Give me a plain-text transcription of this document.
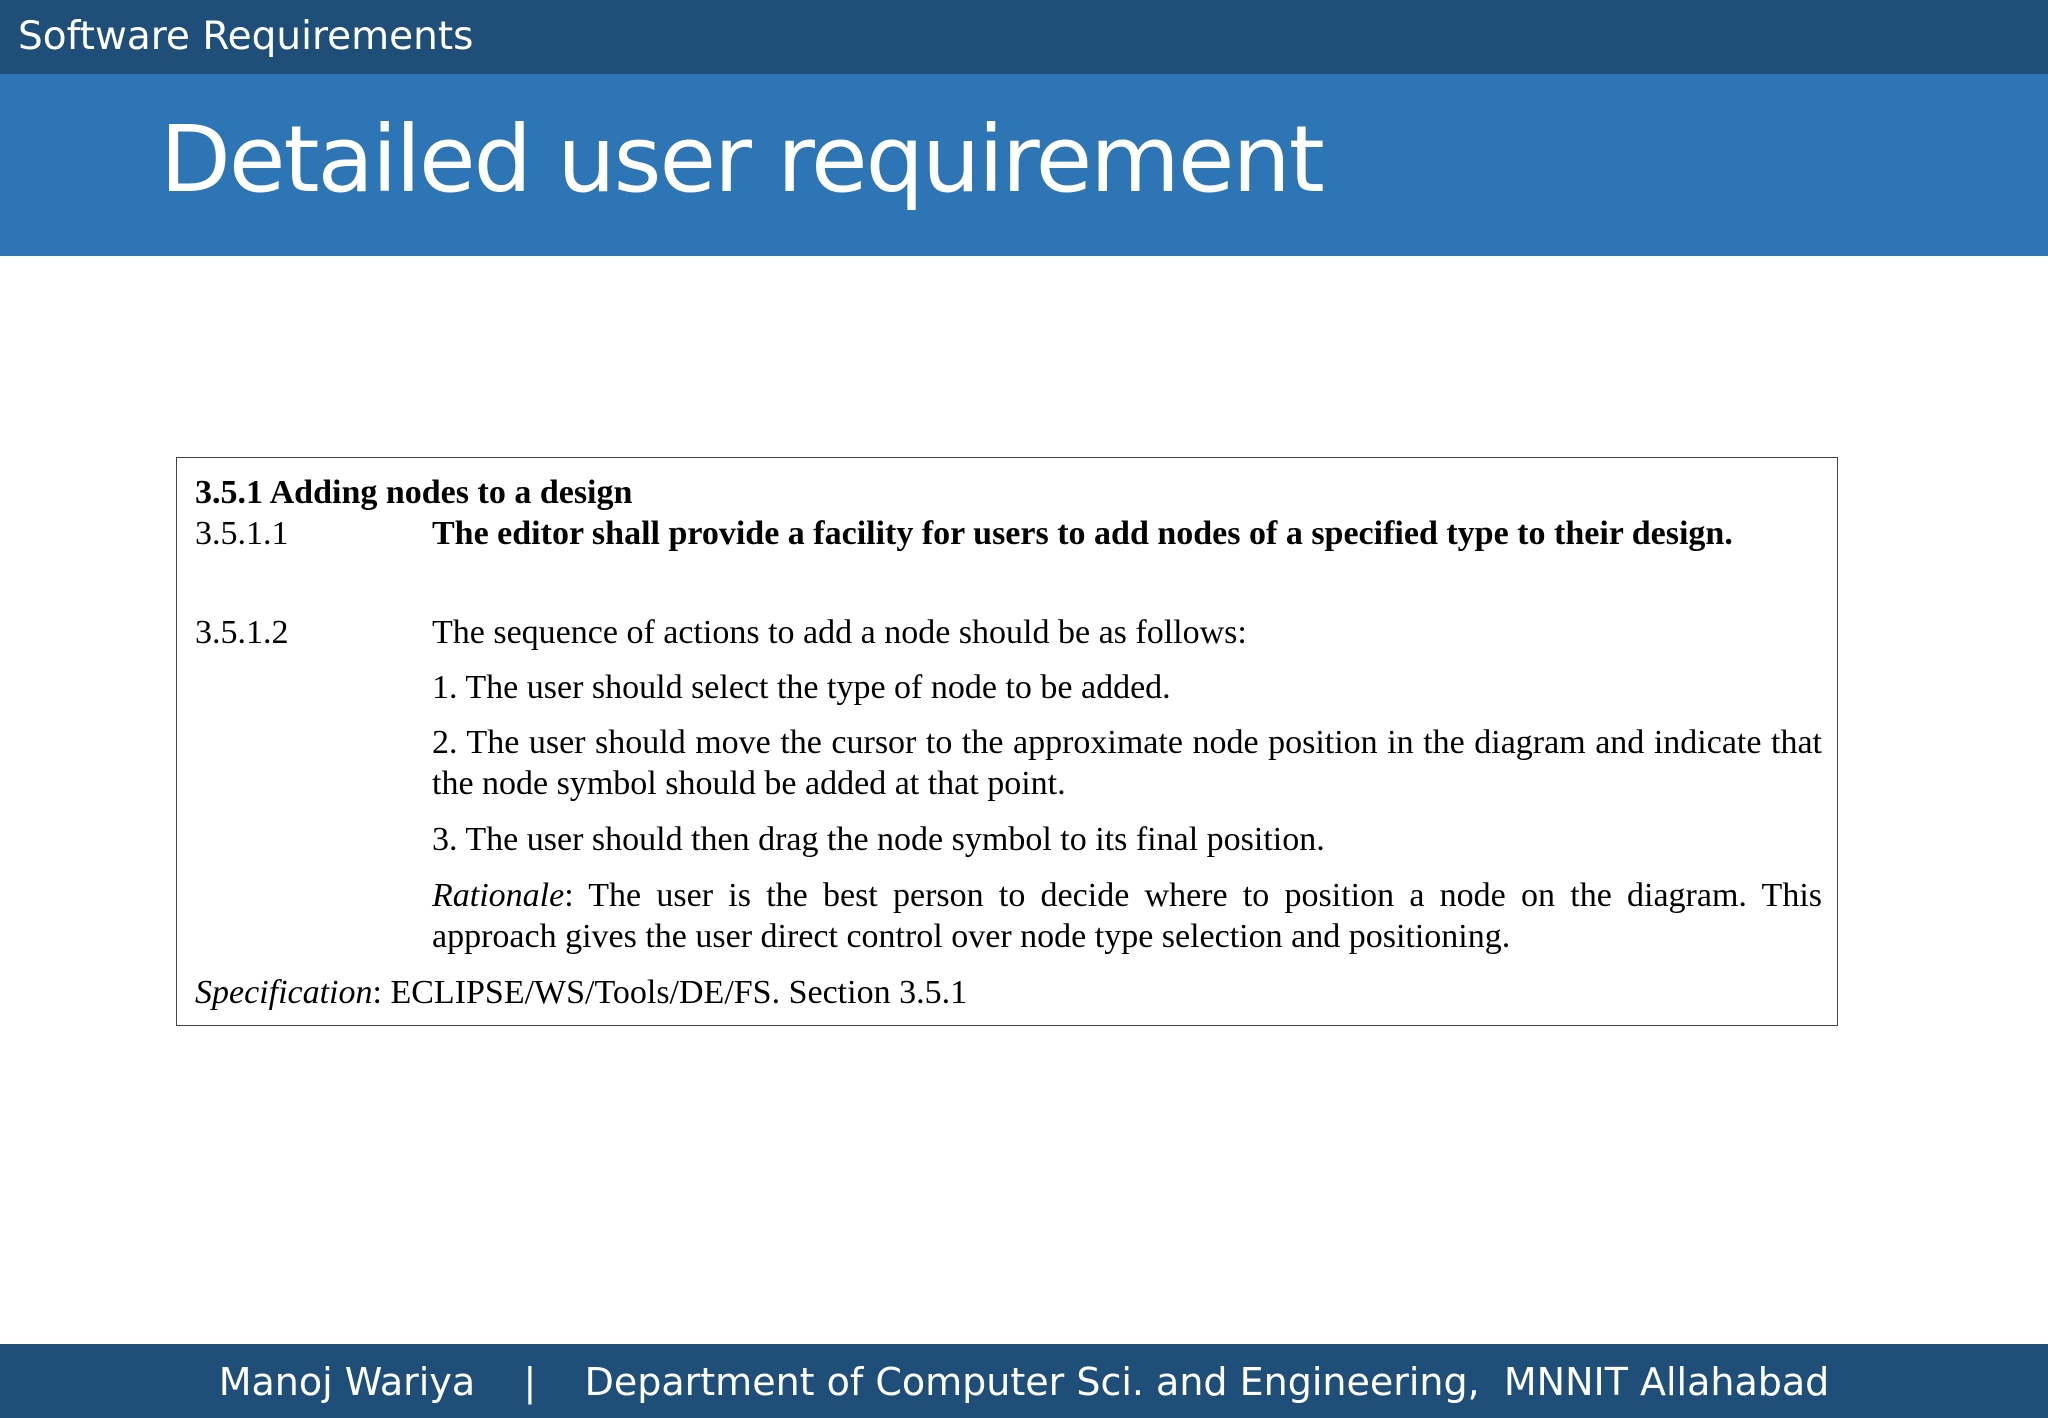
Software Requirements
Detailed user requirement
3.5.1 Adding nodes to a design
3.5.1.1	The editor shall provide a facility for users to add nodes of a specified type to their design.
3.5.1.2	The sequence of actions to add a node should be as follows:
1. The user should select the type of node to be added.
2. The user should move the cursor to the approximate node position in the diagram and indicate that the node symbol should be added at that point.
3. The user should then drag the node symbol to its final position.
Rationale: The user is the best person to decide where to position a node on the diagram. This approach gives the user direct control over node type selection and positioning.
Specification: ECLIPSE/WS/Tools/DE/FS. Section 3.5.1
Manoj Wariya | Department of Computer Sci. and Engineering,  MNNIT Allahabad
